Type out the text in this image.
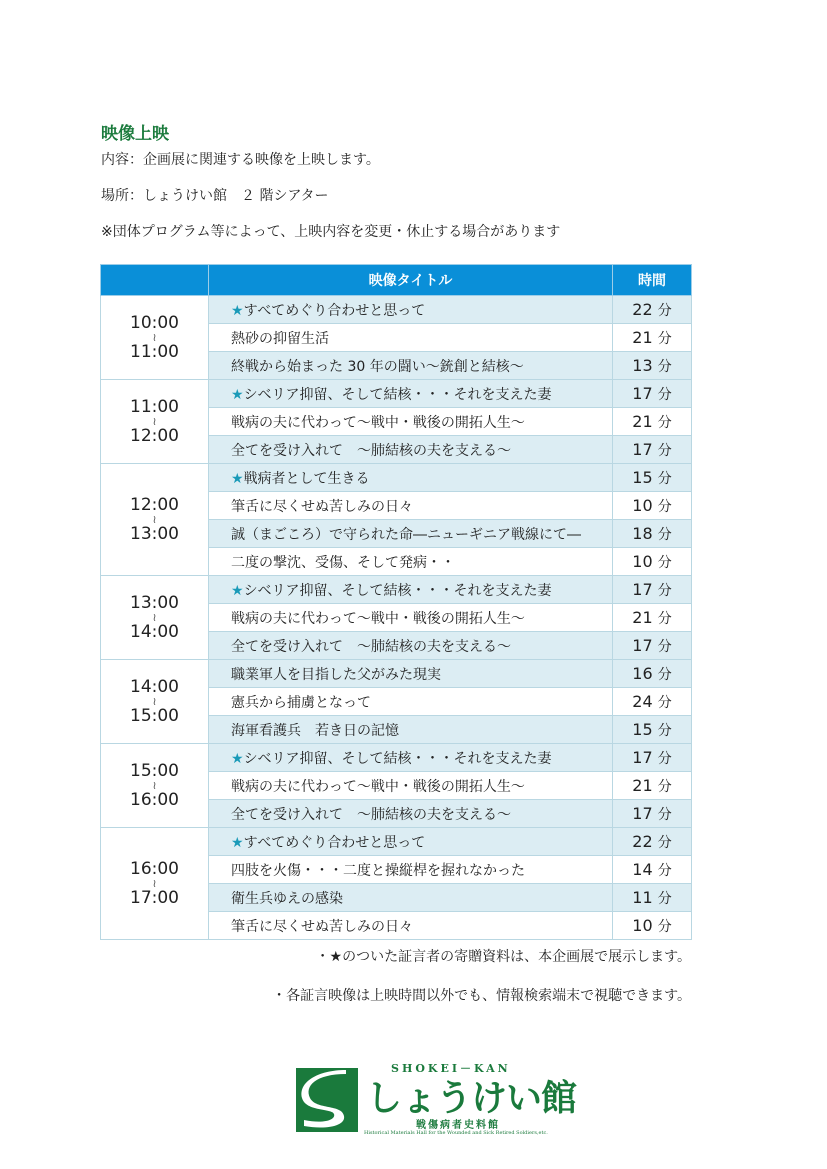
映像上映

内容：企画展に関連する映像を上映します。

場所：しょうけい館　２ 階シアター

※団体プログラム等によって、上映内容を変更・休止する場合があります

	映像タイトル	時間

10:00
≀
11:00	★すべてめぐり合わせと思って	22 分
	熱砂の抑留生活	21 分
	終戦から始まった 30 年の闘い～銃創と結核～	13 分

11:00
≀
12:00	★シベリア抑留、そして結核・・・それを支えた妻	17 分
	戦病の夫に代わって～戦中・戦後の開拓人生～	21 分
	全てを受け入れて　～肺結核の夫を支える～	17 分

12:00
≀
13:00	★戦病者として生きる	15 分
	筆舌に尽くせぬ苦しみの日々	10 分
	誠（まごころ）で守られた命―ニューギニア戦線にて―	18 分
	二度の撃沈、受傷、そして発病・・	10 分

13:00
≀
14:00	★シベリア抑留、そして結核・・・それを支えた妻	17 分
	戦病の夫に代わって～戦中・戦後の開拓人生～	21 分
	全てを受け入れて　～肺結核の夫を支える～	17 分

14:00
≀
15:00	職業軍人を目指した父がみた現実	16 分
	憲兵から捕虜となって	24 分
	海軍看護兵　若き日の記憶	15 分

15:00
≀
16:00	★シベリア抑留、そして結核・・・それを支えた妻	17 分
	戦病の夫に代わって～戦中・戦後の開拓人生～	21 分
	全てを受け入れて　～肺結核の夫を支える～	17 分

16:00
≀
17:00	★すべてめぐり合わせと思って	22 分
	四肢を火傷・・・二度と操縦桿を握れなかった	14 分
	衛生兵ゆえの感染	11 分
	筆舌に尽くせぬ苦しみの日々	10 分

・★のついた証言者の寄贈資料は、本企画展で展示します。

・各証言映像は上映時間以外でも、情報検索端末で視聴できます。

SHOKEI－KAN
しょうけい館
戦傷病者史料館
Historical Materials Hall for the Wounded and Sick Retired Soldiers,etc.
